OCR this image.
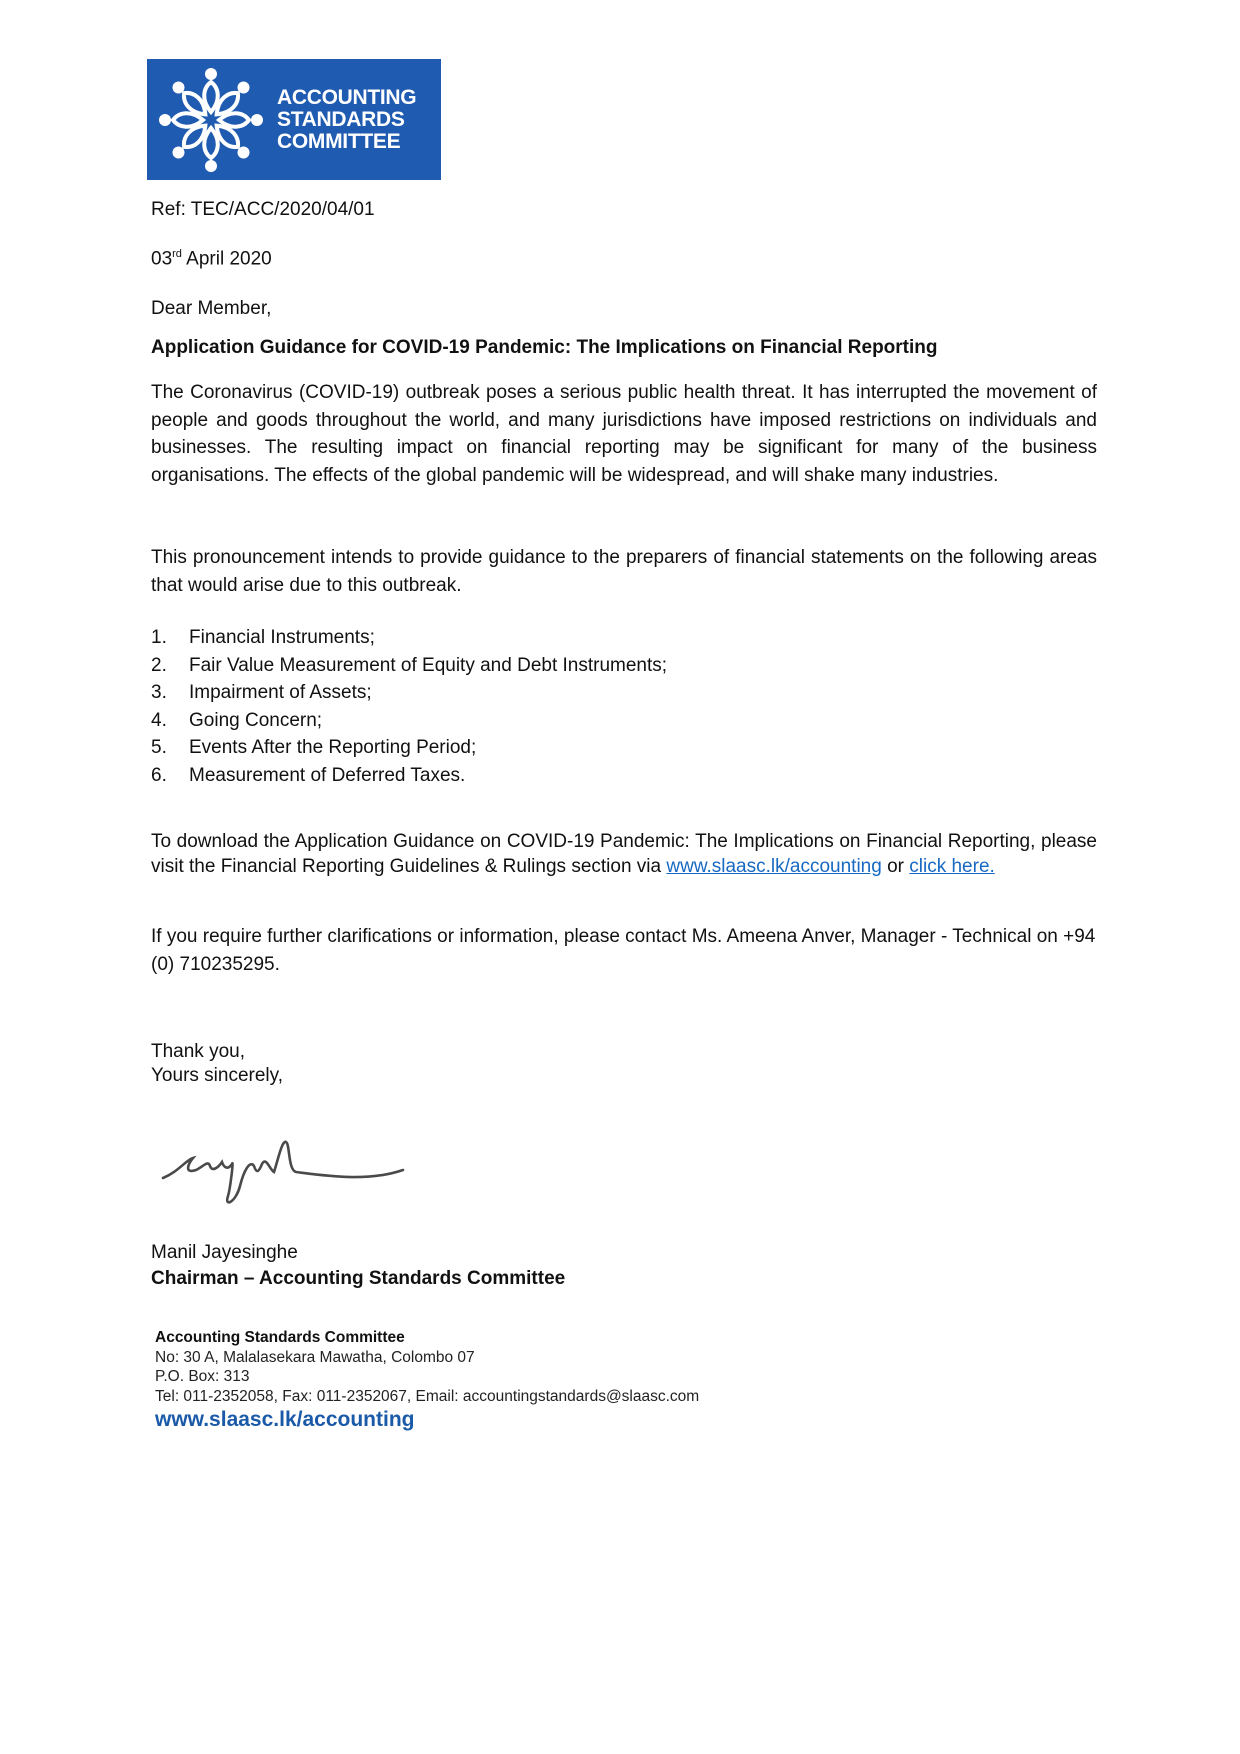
ACCOUNTING
STANDARDS
COMMITTEE
Ref: TEC/ACC/2020/04/01
03rd April 2020
Dear Member,
Application Guidance for COVID-19 Pandemic: The Implications on Financial Reporting
The Coronavirus (COVID-19) outbreak poses a serious public health threat. It has interrupted the movement of people and goods throughout the world, and many jurisdictions have imposed restrictions on individuals and businesses. The resulting impact on financial reporting may be significant for many of the business organisations. The effects of the global pandemic will be widespread, and will shake many industries.
This pronouncement intends to provide guidance to the preparers of financial statements on the following areas that would arise due to this outbreak.
1.	Financial Instruments;
2.	Fair Value Measurement of Equity and Debt Instruments;
3.	Impairment of Assets;
4.	Going Concern;
5.	Events After the Reporting Period;
6.	Measurement of Deferred Taxes.
To download the Application Guidance on COVID-19 Pandemic: The Implications on Financial Reporting, please visit the Financial Reporting Guidelines & Rulings section via www.slaasc.lk/accounting or click here.
If you require further clarifications or information, please contact Ms. Ameena Anver, Manager - Technical on +94 (0) 710235295.
Thank you,
Yours sincerely,
Manil Jayesinghe
Chairman – Accounting Standards Committee
Accounting Standards Committee
No: 30 A, Malalasekara Mawatha, Colombo 07
P.O. Box: 313
Tel: 011-2352058, Fax: 011-2352067, Email: accountingstandards@slaasc.com
www.slaasc.lk/accounting
